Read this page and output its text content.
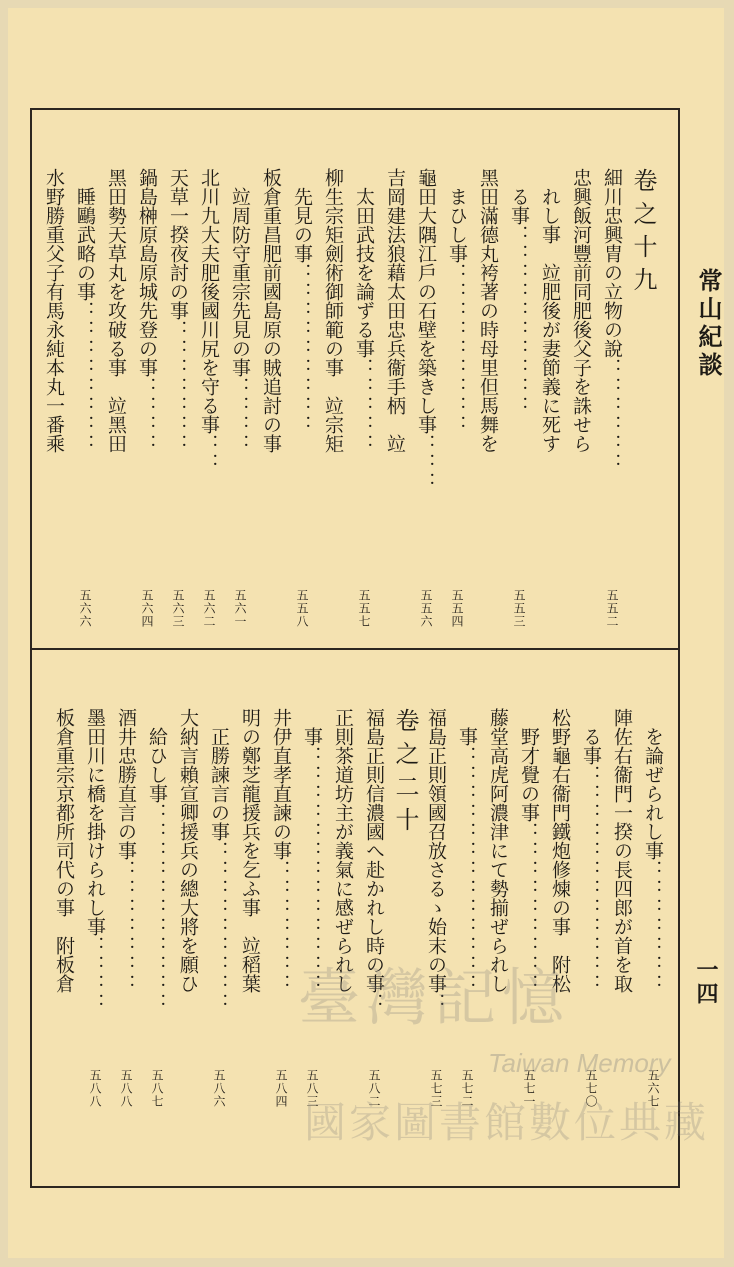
常山紀談
一四
卷之十九
細川忠興胄の立物の說：：：：：：
五五二
忠興飯河豐前同肥後父子を誅せら
れし事　竝肥後が妻節義に死す
る事：：：：：：：：：：
五五三
黑田滿德丸袴著の時母里但馬舞を
まひし事：：：：：：：：：
五五四
龜田大隅江戶の石壁を築きし事：：：
五五六
吉岡建法狼藉太田忠兵衞手柄　竝
太田武技を論ずる事：：：：：
五五七
柳生宗矩劍術御師範の事　竝宗矩
先見の事：：：：：：：：：
五五八
板倉重昌肥前國島原の賊追討の事
竝周防守重宗先見の事：：：：
五六一
北川九大夫肥後國川尻を守る事：：
五六二
天草一揆夜討の事：：：：：：：
五六三
鍋島榊原島原城先登の事：：：：
五六四
黑田勢天草丸を攻破る事　竝黑田
睡鷗武略の事：：：：：：：：
五六六
水野勝重父子有馬永純本丸一番乘
を論ぜられし事：：：：：：：
五六七
陣佐右衞門一揆の長四郎が首を取
る事：：：：：：：：：：：：
五七〇
松野龜右衞門鐵炮修煉の事　附松
野才覺の事：：：：：：：：：
五七一
藤堂高虎阿濃津にて勢揃ぜられし
事：：：：：：：：：：：：：
五七二
福島正則領國召放さるゝ始末の事：
五七三
卷之二十
福島正則信濃國へ赴かれし時の事：
五八二
正則茶道坊主が義氣に感ぜられし
事：：：：：：：：：：：：：
五八三
井伊直孝直諫の事：：：：：：：
五八四
明の鄭芝龍援兵を乞ふ事　竝稻葉
正勝諫言の事：：：：：：：：：
五八六
大納言賴宣卿援兵の總大將を願ひ
給ひし事：：：：：：：：：：：
五八七
酒井忠勝直言の事：：：：：：：
五八八
墨田川に橋を掛けられし事：：：：
五八八
板倉重宗京都所司代の事　附板倉
臺灣記憶
Taiwan Memory
國家圖書館數位典藏
